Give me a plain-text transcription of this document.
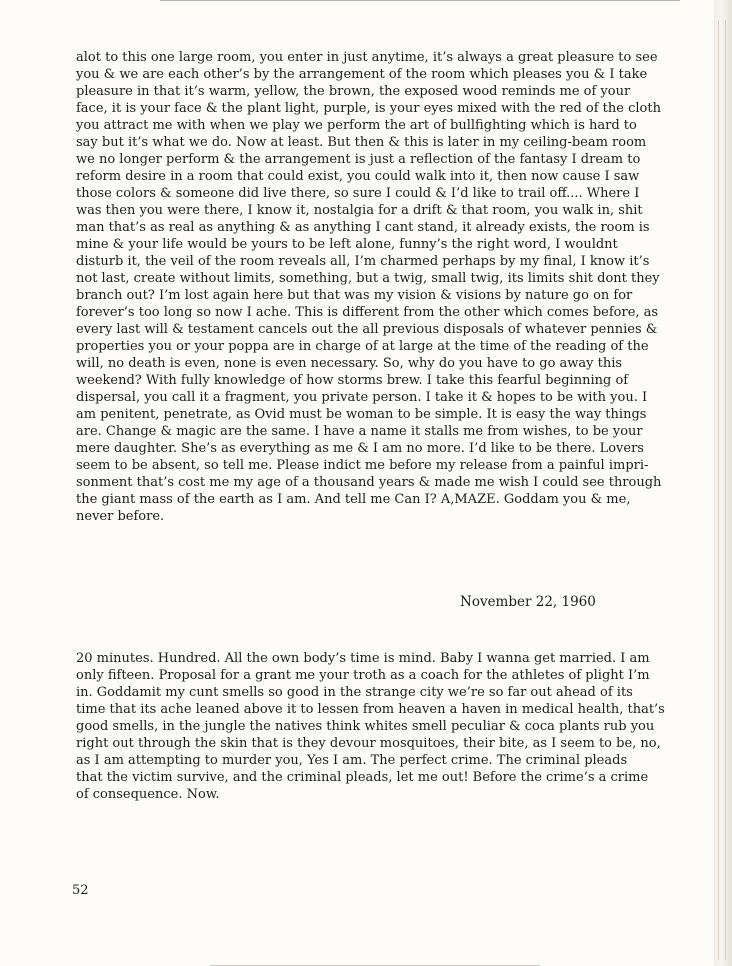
alot to this one large room, you enter in just anytime, it’s always a great pleasure to see
you & we are each other’s by the arrangement of the room which pleases you & I take
pleasure in that it’s warm, yellow, the brown, the exposed wood reminds me of your
face, it is your face & the plant light, purple, is your eyes mixed with the red of the cloth
you attract me with when we play we perform the art of bullfighting which is hard to
say but it’s what we do. Now at least. But then & this is later in my ceiling-beam room
we no longer perform & the arrangement is just a reflection of the fantasy I dream to
reform desire in a room that could exist, you could walk into it, then now cause I saw
those colors & someone did live there, so sure I could & I’d like to trail off.... Where I
was then you were there, I know it, nostalgia for a drift & that room, you walk in, shit
man that’s as real as anything & as anything I cant stand, it already exists, the room is
mine & your life would be yours to be left alone, funny’s the right word, I wouldnt
disturb it, the veil of the room reveals all, I’m charmed perhaps by my final, I know it’s
not last, create without limits, something, but a twig, small twig, its limits shit dont they
branch out? I’m lost again here but that was my vision & visions by nature go on for
forever’s too long so now I ache. This is different from the other which comes before, as
every last will & testament cancels out the all previous disposals of whatever pennies &
properties you or your poppa are in charge of at large at the time of the reading of the
will, no death is even, none is even necessary. So, why do you have to go away this
weekend? With fully knowledge of how storms brew. I take this fearful beginning of
dispersal, you call it a fragment, you private person. I take it & hopes to be with you. I
am penitent, penetrate, as Ovid must be woman to be simple. It is easy the way things
are. Change & magic are the same. I have a name it stalls me from wishes, to be your
mere daughter. She’s as everything as me & I am no more. I’d like to be there. Lovers
seem to be absent, so tell me. Please indict me before my release from a painful impri-
sonment that’s cost me my age of a thousand years & made me wish I could see through
the giant mass of the earth as I am. And tell me Can I? A,MAZE. Goddam you & me,
never before.

November 22, 1960

20 minutes. Hundred. All the own body’s time is mind. Baby I wanna get married. I am
only fifteen. Proposal for a grant me your troth as a coach for the athletes of plight I’m
in. Goddamit my cunt smells so good in the strange city we’re so far out ahead of its
time that its ache leaned above it to lessen from heaven a haven in medical health, that’s
good smells, in the jungle the natives think whites smell peculiar & coca plants rub you
right out through the skin that is they devour mosquitoes, their bite, as I seem to be, no,
as I am attempting to murder you, Yes I am. The perfect crime. The criminal pleads
that the victim survive, and the criminal pleads, let me out! Before the crime’s a crime
of consequence. Now.

52
